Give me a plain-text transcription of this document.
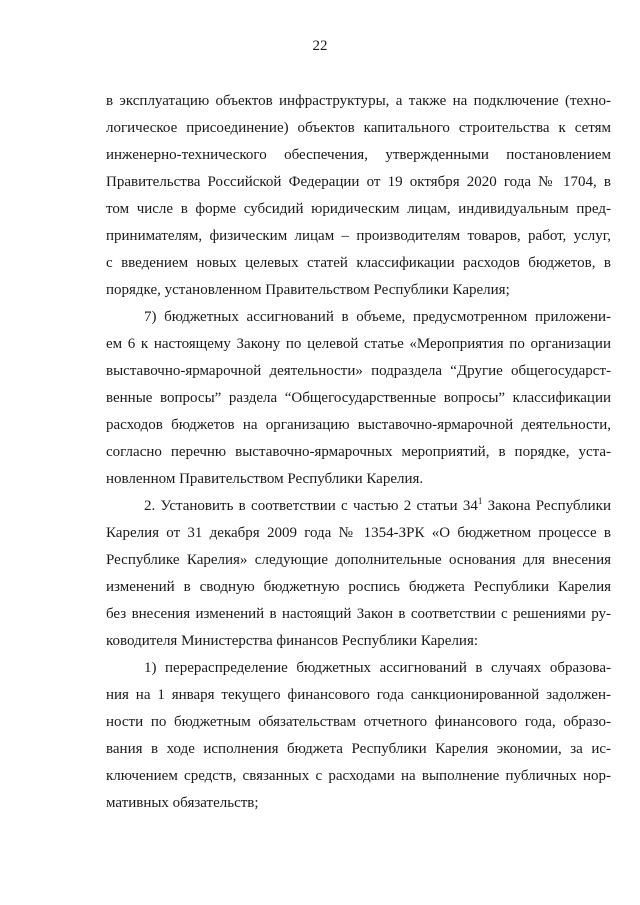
22
в эксплуатацию объектов инфраструктуры, а также на подключение (техно-
логическое присоединение) объектов капитального строительства к сетям
инженерно-технического обеспечения, утвержденными постановлением
Правительства Российской Федерации от 19 октября 2020 года № 1704, в
том числе в форме субсидий юридическим лицам, индивидуальным пред-
принимателям, физическим лицам – производителям товаров, работ, услуг,
с введением новых целевых статей классификации расходов бюджетов, в
порядке, установленном Правительством Республики Карелия;
7) бюджетных ассигнований в объеме, предусмотренном приложени-
ем 6 к настоящему Закону по целевой статье «Мероприятия по организации
выставочно-ярмарочной деятельности» подраздела “Другие общегосударст-
венные вопросы” раздела “Общегосударственные вопросы” классификации
расходов бюджетов на организацию выставочно-ярмарочной деятельности,
согласно перечню выставочно-ярмарочных мероприятий, в порядке, уста-
новленном Правительством Республики Карелия.
2. Установить в соответствии с частью 2 статьи $34^1$ Закона Республики
Карелия от 31 декабря 2009 года № 1354-ЗРК «О бюджетном процессе в
Республике Карелия» следующие дополнительные основания для внесения
изменений в сводную бюджетную роспись бюджета Республики Карелия
без внесения изменений в настоящий Закон в соответствии с решениями ру-
ководителя Министерства финансов Республики Карелия:
1) перераспределение бюджетных ассигнований в случаях образова-
ния на 1 января текущего финансового года санкционированной задолжен-
ности по бюджетным обязательствам отчетного финансового года, образо-
вания в ходе исполнения бюджета Республики Карелия экономии, за ис-
ключением средств, связанных с расходами на выполнение публичных нор-
мативных обязательств;
